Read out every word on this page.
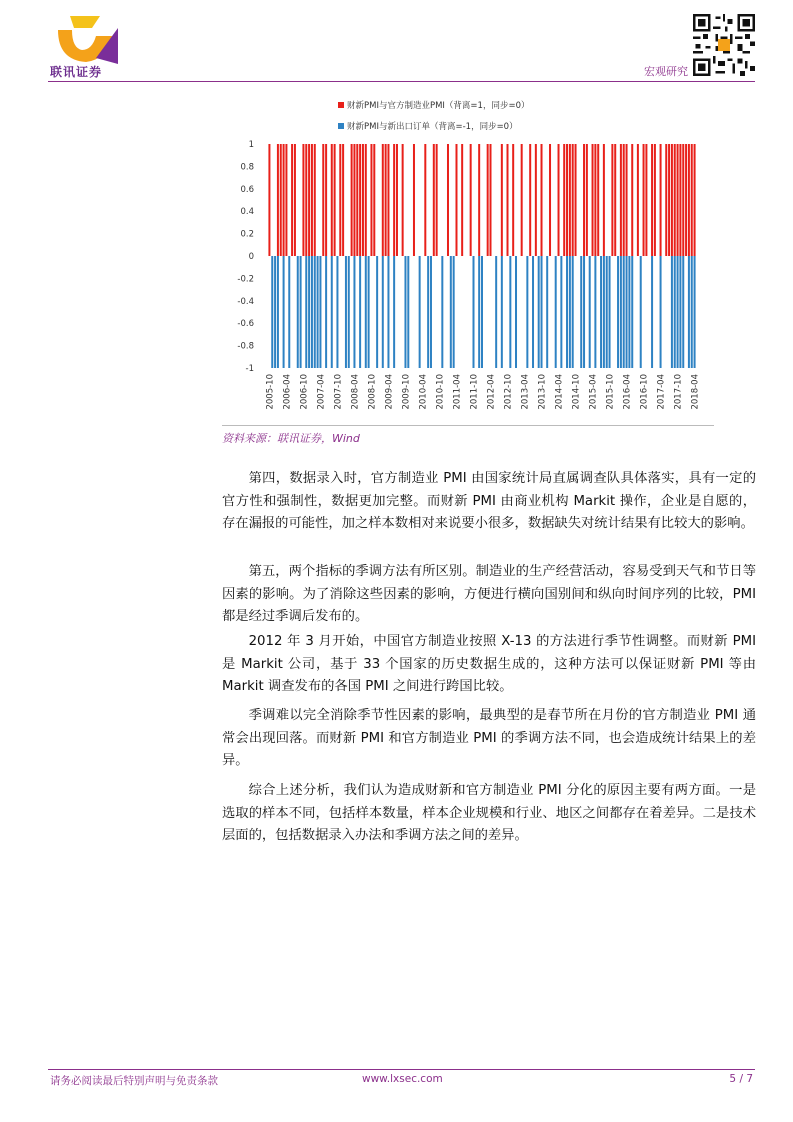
联讯证券	宏观研究
财新PMI与官方制造业PMI（背离=1，同步=0）
财新PMI与新出口订单（背离=-1，同步=0）
1
0.8
0.6
0.4
0.2
0
-0.2
-0.4
-0.6
-0.8
-1
2005-10 2006-04 2006-10 2007-04 2007-10 2008-04 2008-10 2009-04 2009-10 2010-04 2010-10 2011-04 2011-10 2012-04 2012-10 2013-04 2013-10 2014-04 2014-10 2015-04 2015-10 2016-04 2016-10 2017-04 2017-10 2018-04
资料来源：联讯证券，Wind

第四，数据录入时，官方制造业 PMI 由国家统计局直属调查队具体落实，具有一定的官方性和强制性，数据更加完整。而财新 PMI 由商业机构 Markit 操作，企业是自愿的，存在漏报的可能性，加之样本数相对来说要小很多，数据缺失对统计结果有比较大的影响。

第五，两个指标的季调方法有所区别。制造业的生产经营活动，容易受到天气和节日等因素的影响。为了消除这些因素的影响，方便进行横向国别间和纵向时间序列的比较，PMI 都是经过季调后发布的。

2012 年 3 月开始，中国官方制造业按照 X-13 的方法进行季节性调整。而财新 PMI 是 Markit 公司，基于 33 个国家的历史数据生成的，这种方法可以保证财新 PMI 等由 Markit 调查发布的各国 PMI 之间进行跨国比较。

季调难以完全消除季节性因素的影响，最典型的是春节所在月份的官方制造业 PMI 通常会出现回落。而财新 PMI 和官方制造业 PMI 的季调方法不同，也会造成统计结果上的差异。

综合上述分析，我们认为造成财新和官方制造业 PMI 分化的原因主要有两方面。一是选取的样本不同，包括样本数量，样本企业规模和行业、地区之间都存在着差异。二是技术层面的，包括数据录入办法和季调方法之间的差异。

请务必阅读最后特别声明与免责条款	www.lxsec.com	5 / 7
